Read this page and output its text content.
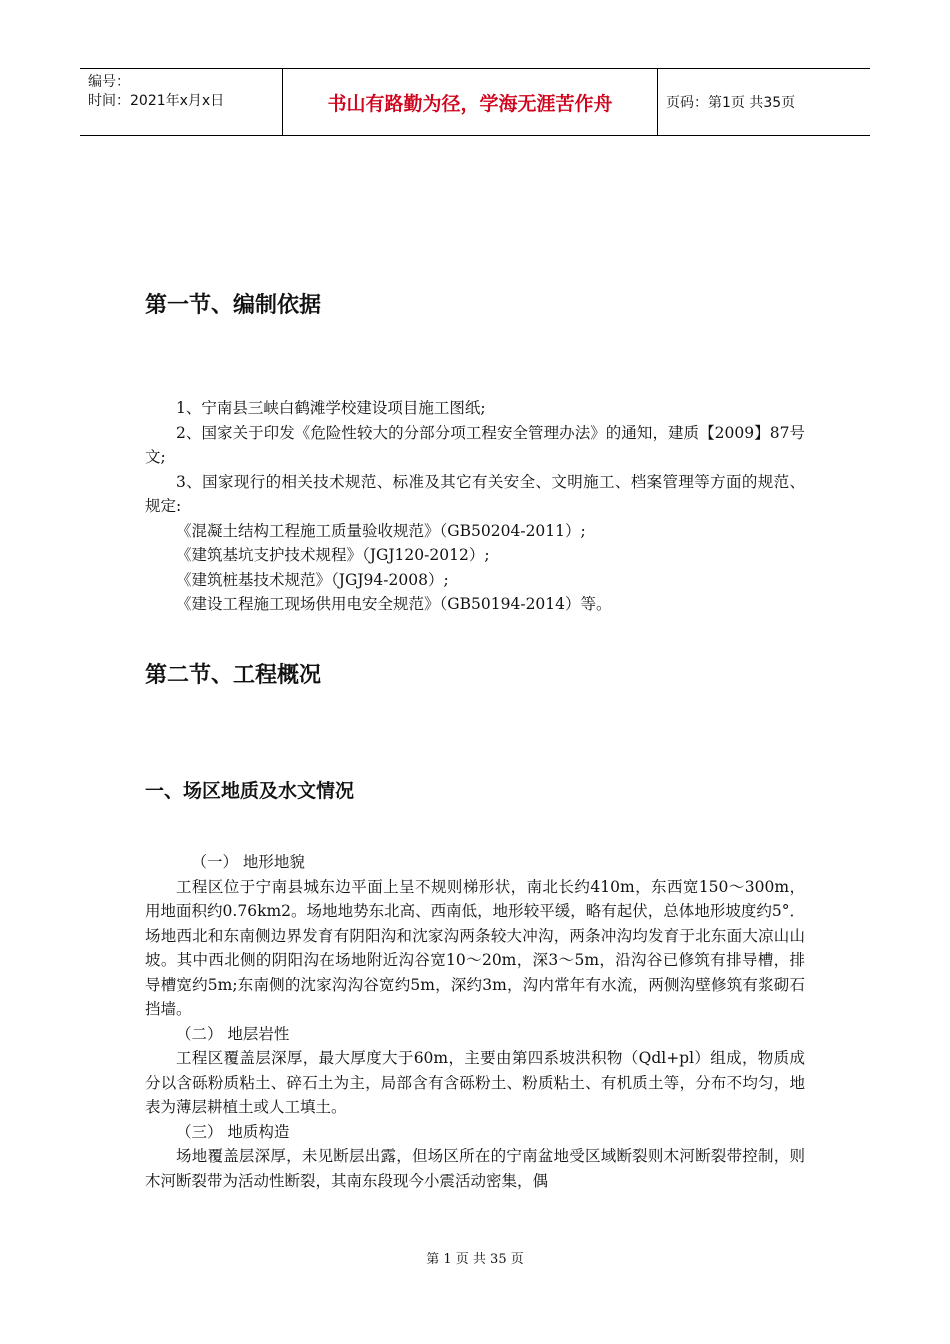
编号：
时间：2021年x月x日	书山有路勤为径，学海无涯苦作舟	页码：第1页 共35页
第一节、编制依据

1、宁南县三峡白鹤滩学校建设项目施工图纸;

2、国家关于印发《危险性较大的分部分项工程安全管理办法》的通知，建质【2009】87号文;

3、国家现行的相关技术规范、标准及其它有关安全、文明施工、档案管理等方面的规范、规定:

《混凝土结构工程施工质量验收规范》（GB50204-2011）;

《建筑基坑支护技术规程》（JGJ120-2012）;

《建筑桩基技术规范》（JGJ94-2008）;

《建设工程施工现场供用电安全规范》（GB50194-2014）等。

第二节、工程概况
一、场区地质及水文情况

（一） 地形地貌

工程区位于宁南县城东边平面上呈不规则梯形状，南北长约410m，东西宽150～300m，用地面积约0.76km2。场地地势东北高、西南低，地形较平缓，略有起伏，总体地形坡度约5°．场地西北和东南侧边界发育有阴阳沟和沈家沟两条较大冲沟，两条冲沟均发育于北东面大凉山山坡。其中西北侧的阴阳沟在场地附近沟谷宽10～20m，深3～5m，沿沟谷已修筑有排导槽，排导槽宽约5m;东南侧的沈家沟沟谷宽约5m，深约3m，沟内常年有水流，两侧沟壁修筑有浆砌石挡墙。

（二） 地层岩性

工程区覆盖层深厚，最大厚度大于60m，主要由第四系坡洪积物（Qdl+pl）组成，物质成分以含砾粉质粘土、碎石土为主，局部含有含砾粉土、粉质粘土、有机质土等，分布不均匀，地表为薄层耕植土或人工填土。

（三） 地质构造

场地覆盖层深厚，未见断层出露，但场区所在的宁南盆地受区域断裂则木河断裂带控制，则木河断裂带为活动性断裂，其南东段现今小震活动密集，偶

第 1 页 共 35 页
